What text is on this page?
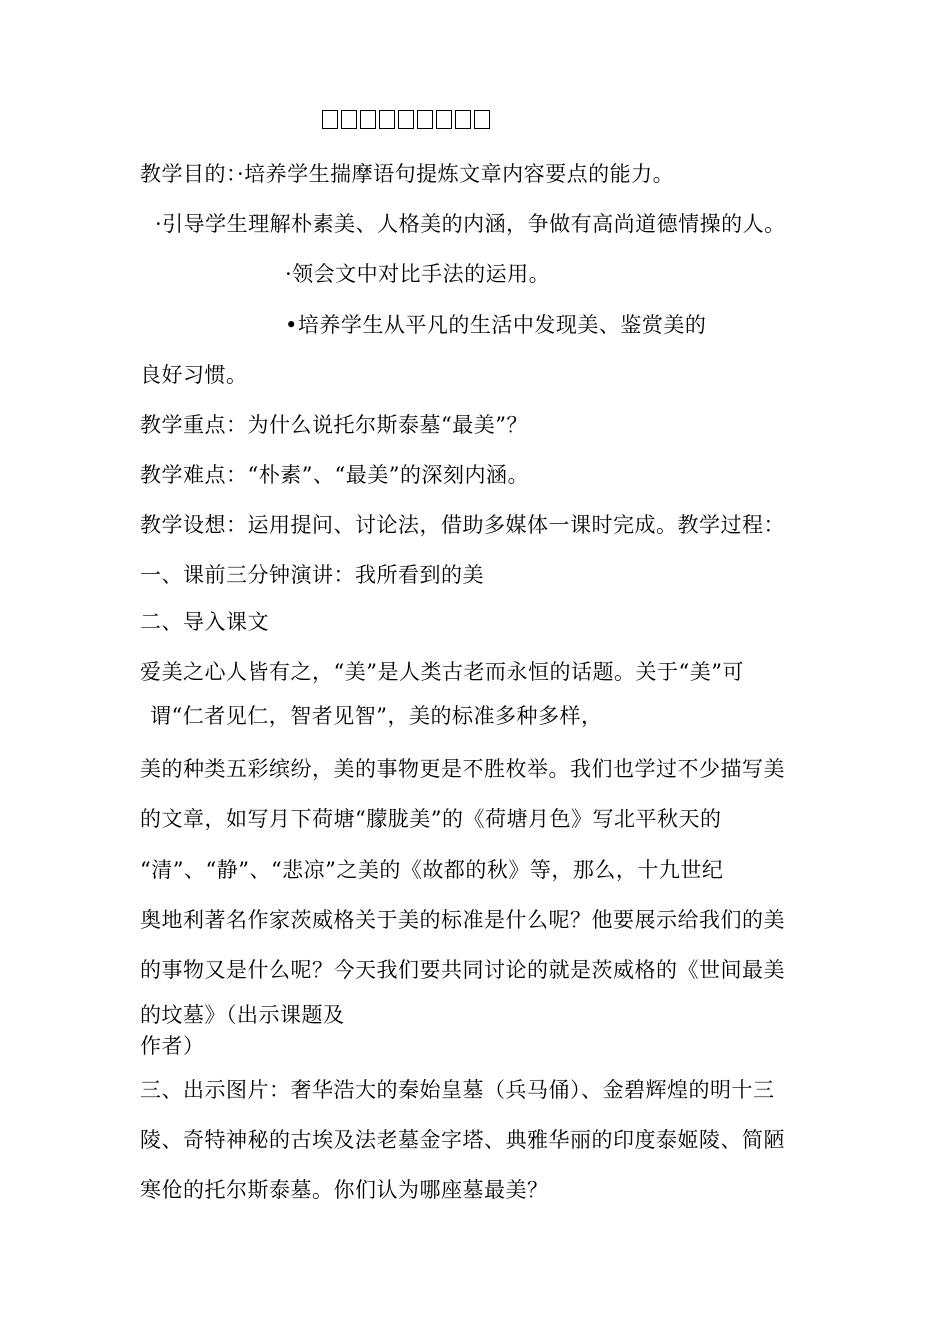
教学目的：·培养学生揣摩语句提炼文章内容要点的能力。
·引导学生理解朴素美、人格美的内涵，争做有高尚道德情操的人。
·领会文中对比手法的运用。
•培养学生从平凡的生活中发现美、鉴赏美的
良好习惯。
教学重点：为什么说托尔斯泰墓“最美”？
教学难点：“朴素”、“最美”的深刻内涵。
教学设想：运用提问、讨论法，借助多媒体一课时完成。教学过程：
一、课前三分钟演讲：我所看到的美
二、导入课文
爱美之心人皆有之，“美”是人类古老而永恒的话题。关于“美”可
谓“仁者见仁，智者见智”，美的标准多种多样，
美的种类五彩缤纷，美的事物更是不胜枚举。我们也学过不少描写美
的文章，如写月下荷塘“朦胧美”的《荷塘月色》写北平秋天的
“清”、“静”、“悲凉”之美的《故都的秋》等，那么，十九世纪
奥地利著名作家茨威格关于美的标准是什么呢？他要展示给我们的美
的事物又是什么呢？今天我们要共同讨论的就是茨威格的《世间最美
的坟墓》（出示课题及
作者）
三、出示图片：奢华浩大的秦始皇墓（兵马俑）、金碧辉煌的明十三
陵、奇特神秘的古埃及法老墓金字塔、典雅华丽的印度泰姬陵、简陋
寒伧的托尔斯泰墓。你们认为哪座墓最美？
